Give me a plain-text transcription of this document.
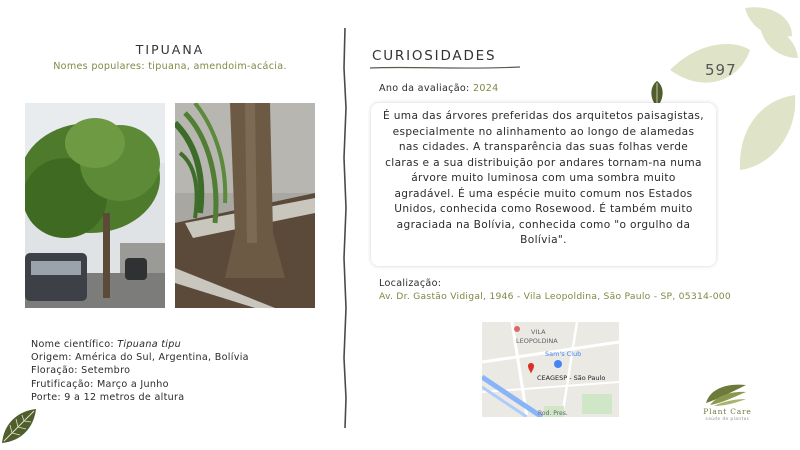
597
TIPUANA
Nomes populares: tipuana, amendoim-acácia.
Nome científico: Tipuana tipu
Origem: América do Sul, Argentina, Bolívia
Floração: Setembro
Frutificação: Março a Junho
Porte: 9 a 12 metros de altura
CURIOSIDADES
Ano da avaliação: 2024

É uma das árvores preferidas dos arquitetos paisagistas, especialmente no alinhamento ao longo de alamedas nas cidades. A transparência das suas folhas verde claras e a sua distribuição por andares tornam-na numa árvore muito luminosa com uma sombra muito agradável. É uma espécie muito comum nos Estados Unidos, conhecida como Rosewood. É também muito agraciada na Bolívia, conhecida como "o orgulho da Bolívia".

Localização:
Av. Dr. Gastão Vidigal, 1946 - Vila Leopoldina, São Paulo - SP, 05314-000
VILA
LEOPOLDINA
Sam's Club
CEAGESP - São Paulo
Rod. Pres.	Plant Care
saúde de plantas
